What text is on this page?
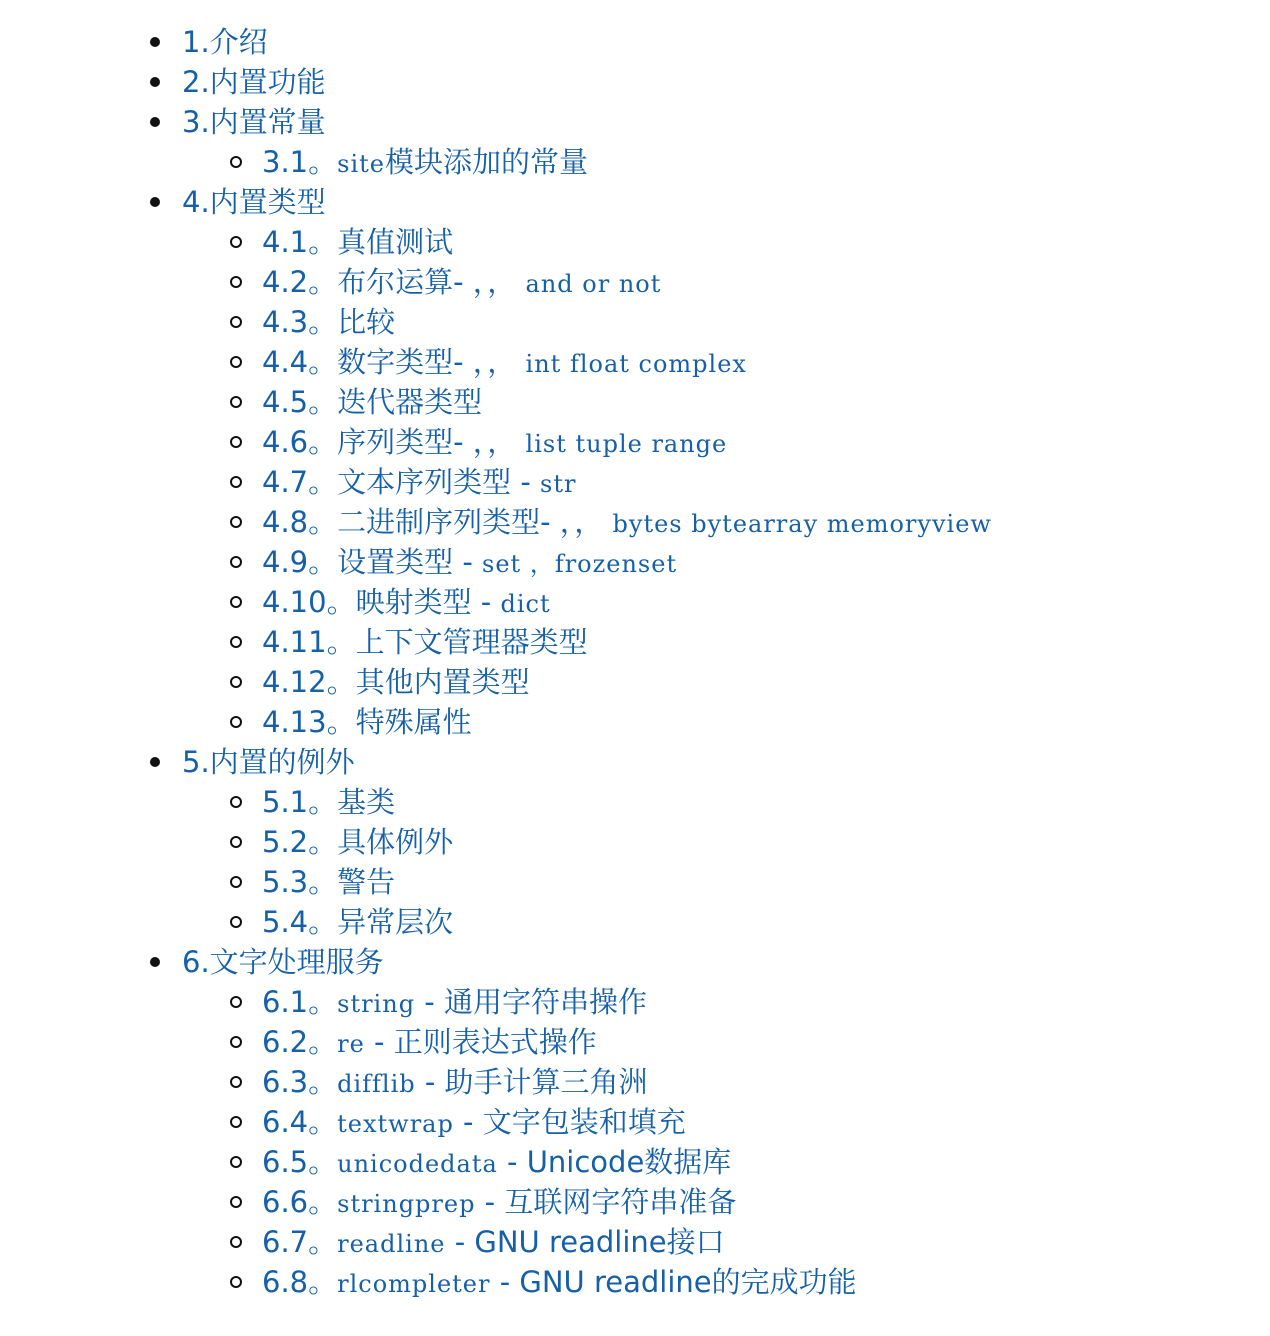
1.介绍
2.内置功能
3.内置常量
3.1。site模块添加的常量
4.内置类型
4.1。真值测试
4.2。布尔运算- ，， and or not
4.3。比较
4.4。数字类型- ，， int float complex
4.5。迭代器类型
4.6。序列类型- ，， list tuple range
4.7。文本序列类型 - str
4.8。二进制序列类型- ，， bytes bytearray memoryview
4.9。设置类型 - set ，frozenset
4.10。映射类型 - dict
4.11。上下文管理器类型
4.12。其他内置类型
4.13。特殊属性
5.内置的例外
5.1。基类
5.2。具体例外
5.3。警告
5.4。异常层次
6.文字处理服务
6.1。string - 通用字符串操作
6.2。re - 正则表达式操作
6.3。difflib - 助手计算三角洲
6.4。textwrap - 文字包装和填充
6.5。unicodedata - Unicode数据库
6.6。stringprep - 互联网字符串准备
6.7。readline - GNU readline接口
6.8。rlcompleter - GNU readline的完成功能
